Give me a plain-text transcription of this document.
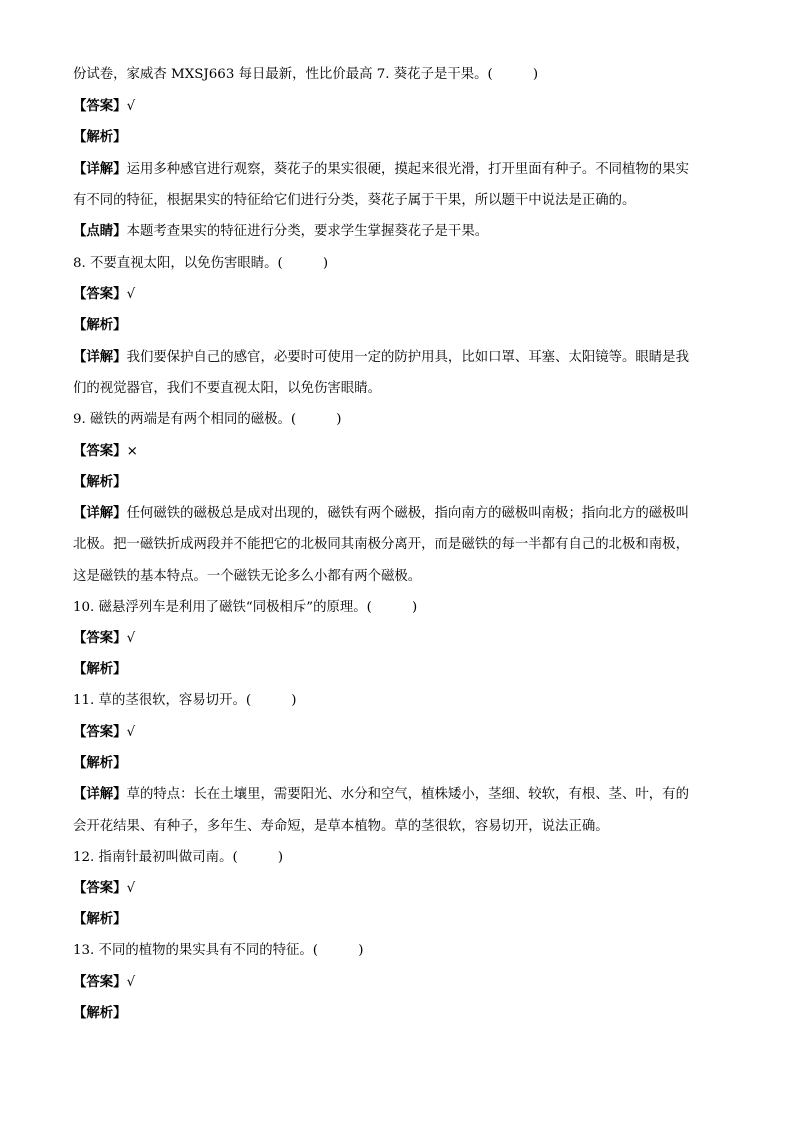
份试卷，家威杏 MXSJ663 每日最新，性比价最高 7. 葵花子是干果。(　　　)
【答案】√
【解析】
【详解】运用多种感官进行观察，葵花子的果实很硬，摸起来很光滑，打开里面有种子。不同植物的果实
有不同的特征，根据果实的特征给它们进行分类，葵花子属于干果，所以题干中说法是正确的。
【点睛】本题考查果实的特征进行分类，要求学生掌握葵花子是干果。
8. 不要直视太阳，以免伤害眼睛。(　　　)
【答案】√
【解析】
【详解】我们要保护自己的感官，必要时可使用一定的防护用具，比如口罩、耳塞、太阳镜等。眼睛是我
们的视觉器官，我们不要直视太阳，以免伤害眼睛。
9. 磁铁的两端是有两个相同的磁极。(　　　)
【答案】×
【解析】
【详解】任何磁铁的磁极总是成对出现的，磁铁有两个磁极，指向南方的磁极叫南极；指向北方的磁极叫
北极。把一磁铁折成两段并不能把它的北极同其南极分离开，而是磁铁的每一半都有自己的北极和南极，
这是磁铁的基本特点。一个磁铁无论多么小都有两个磁极。
10. 磁悬浮列车是利用了磁铁“同极相斥”的原理。(　　　)
【答案】√
【解析】
11. 草的茎很软，容易切开。(　　　)
【答案】√
【解析】
【详解】草的特点：长在土壤里，需要阳光、水分和空气，植株矮小，茎细、较软，有根、茎、叶，有的
会开花结果、有种子，多年生、寿命短，是草本植物。草的茎很软，容易切开，说法正确。
12. 指南针最初叫做司南。(　　　)
【答案】√
【解析】
13. 不同的植物的果实具有不同的特征。(　　　)
【答案】√
【解析】
